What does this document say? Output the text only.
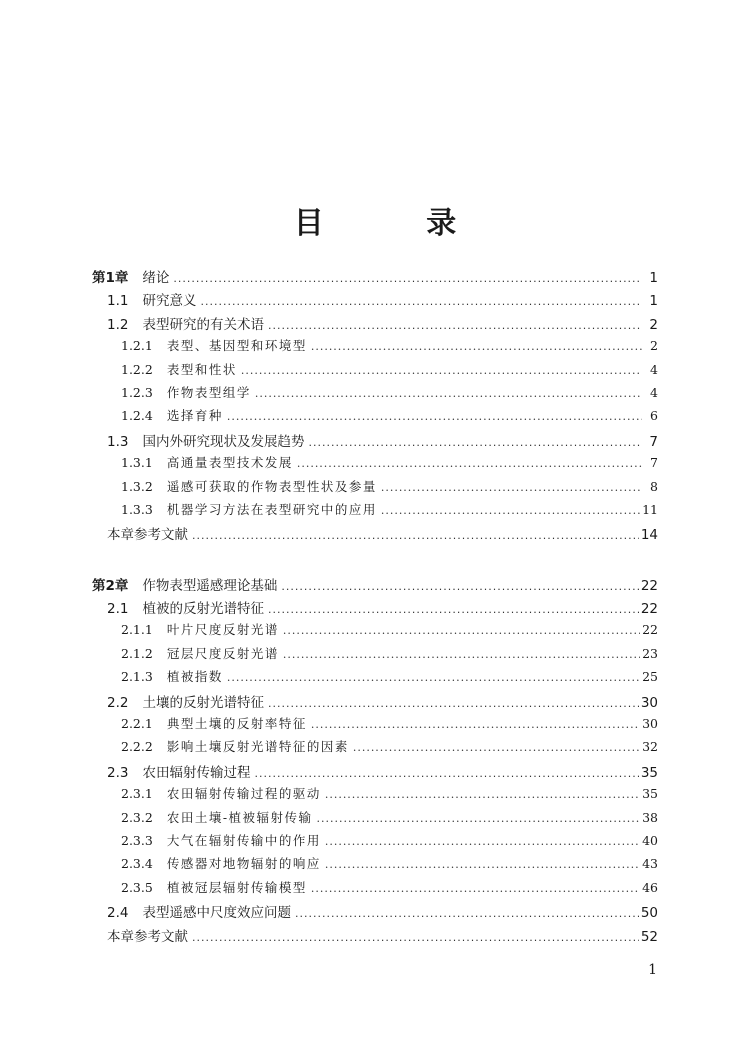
目 录
第1章 绪论 .....	1
1.1 研究意义 .....	1
1.2 表型研究的有关术语 .....	2
1.2.1 表型、基因型和环境型 .....	2
1.2.2 表型和性状 .....	4
1.2.3 作物表型组学 .....	4
1.2.4 选择育种 .....	6
1.3 国内外研究现状及发展趋势 .....	7
1.3.1 高通量表型技术发展 .....	7
1.3.2 遥感可获取的作物表型性状及参量 .....	8
1.3.3 机器学习方法在表型研究中的应用 .....	11
本章参考文献 .....	14
第2章 作物表型遥感理论基础 .....	22
2.1 植被的反射光谱特征 .....	22
2.1.1 叶片尺度反射光谱 .....	22
2.1.2 冠层尺度反射光谱 .....	23
2.1.3 植被指数 .....	25
2.2 土壤的反射光谱特征 .....	30
2.2.1 典型土壤的反射率特征 .....	30
2.2.2 影响土壤反射光谱特征的因素 .....	32
2.3 农田辐射传输过程 .....	35
2.3.1 农田辐射传输过程的驱动 .....	35
2.3.2 农田土壤-植被辐射传输 .....	38
2.3.3 大气在辐射传输中的作用 .....	40
2.3.4 传感器对地物辐射的响应 .....	43
2.3.5 植被冠层辐射传输模型 .....	46
2.4 表型遥感中尺度效应问题 .....	50
本章参考文献 .....	52
1
